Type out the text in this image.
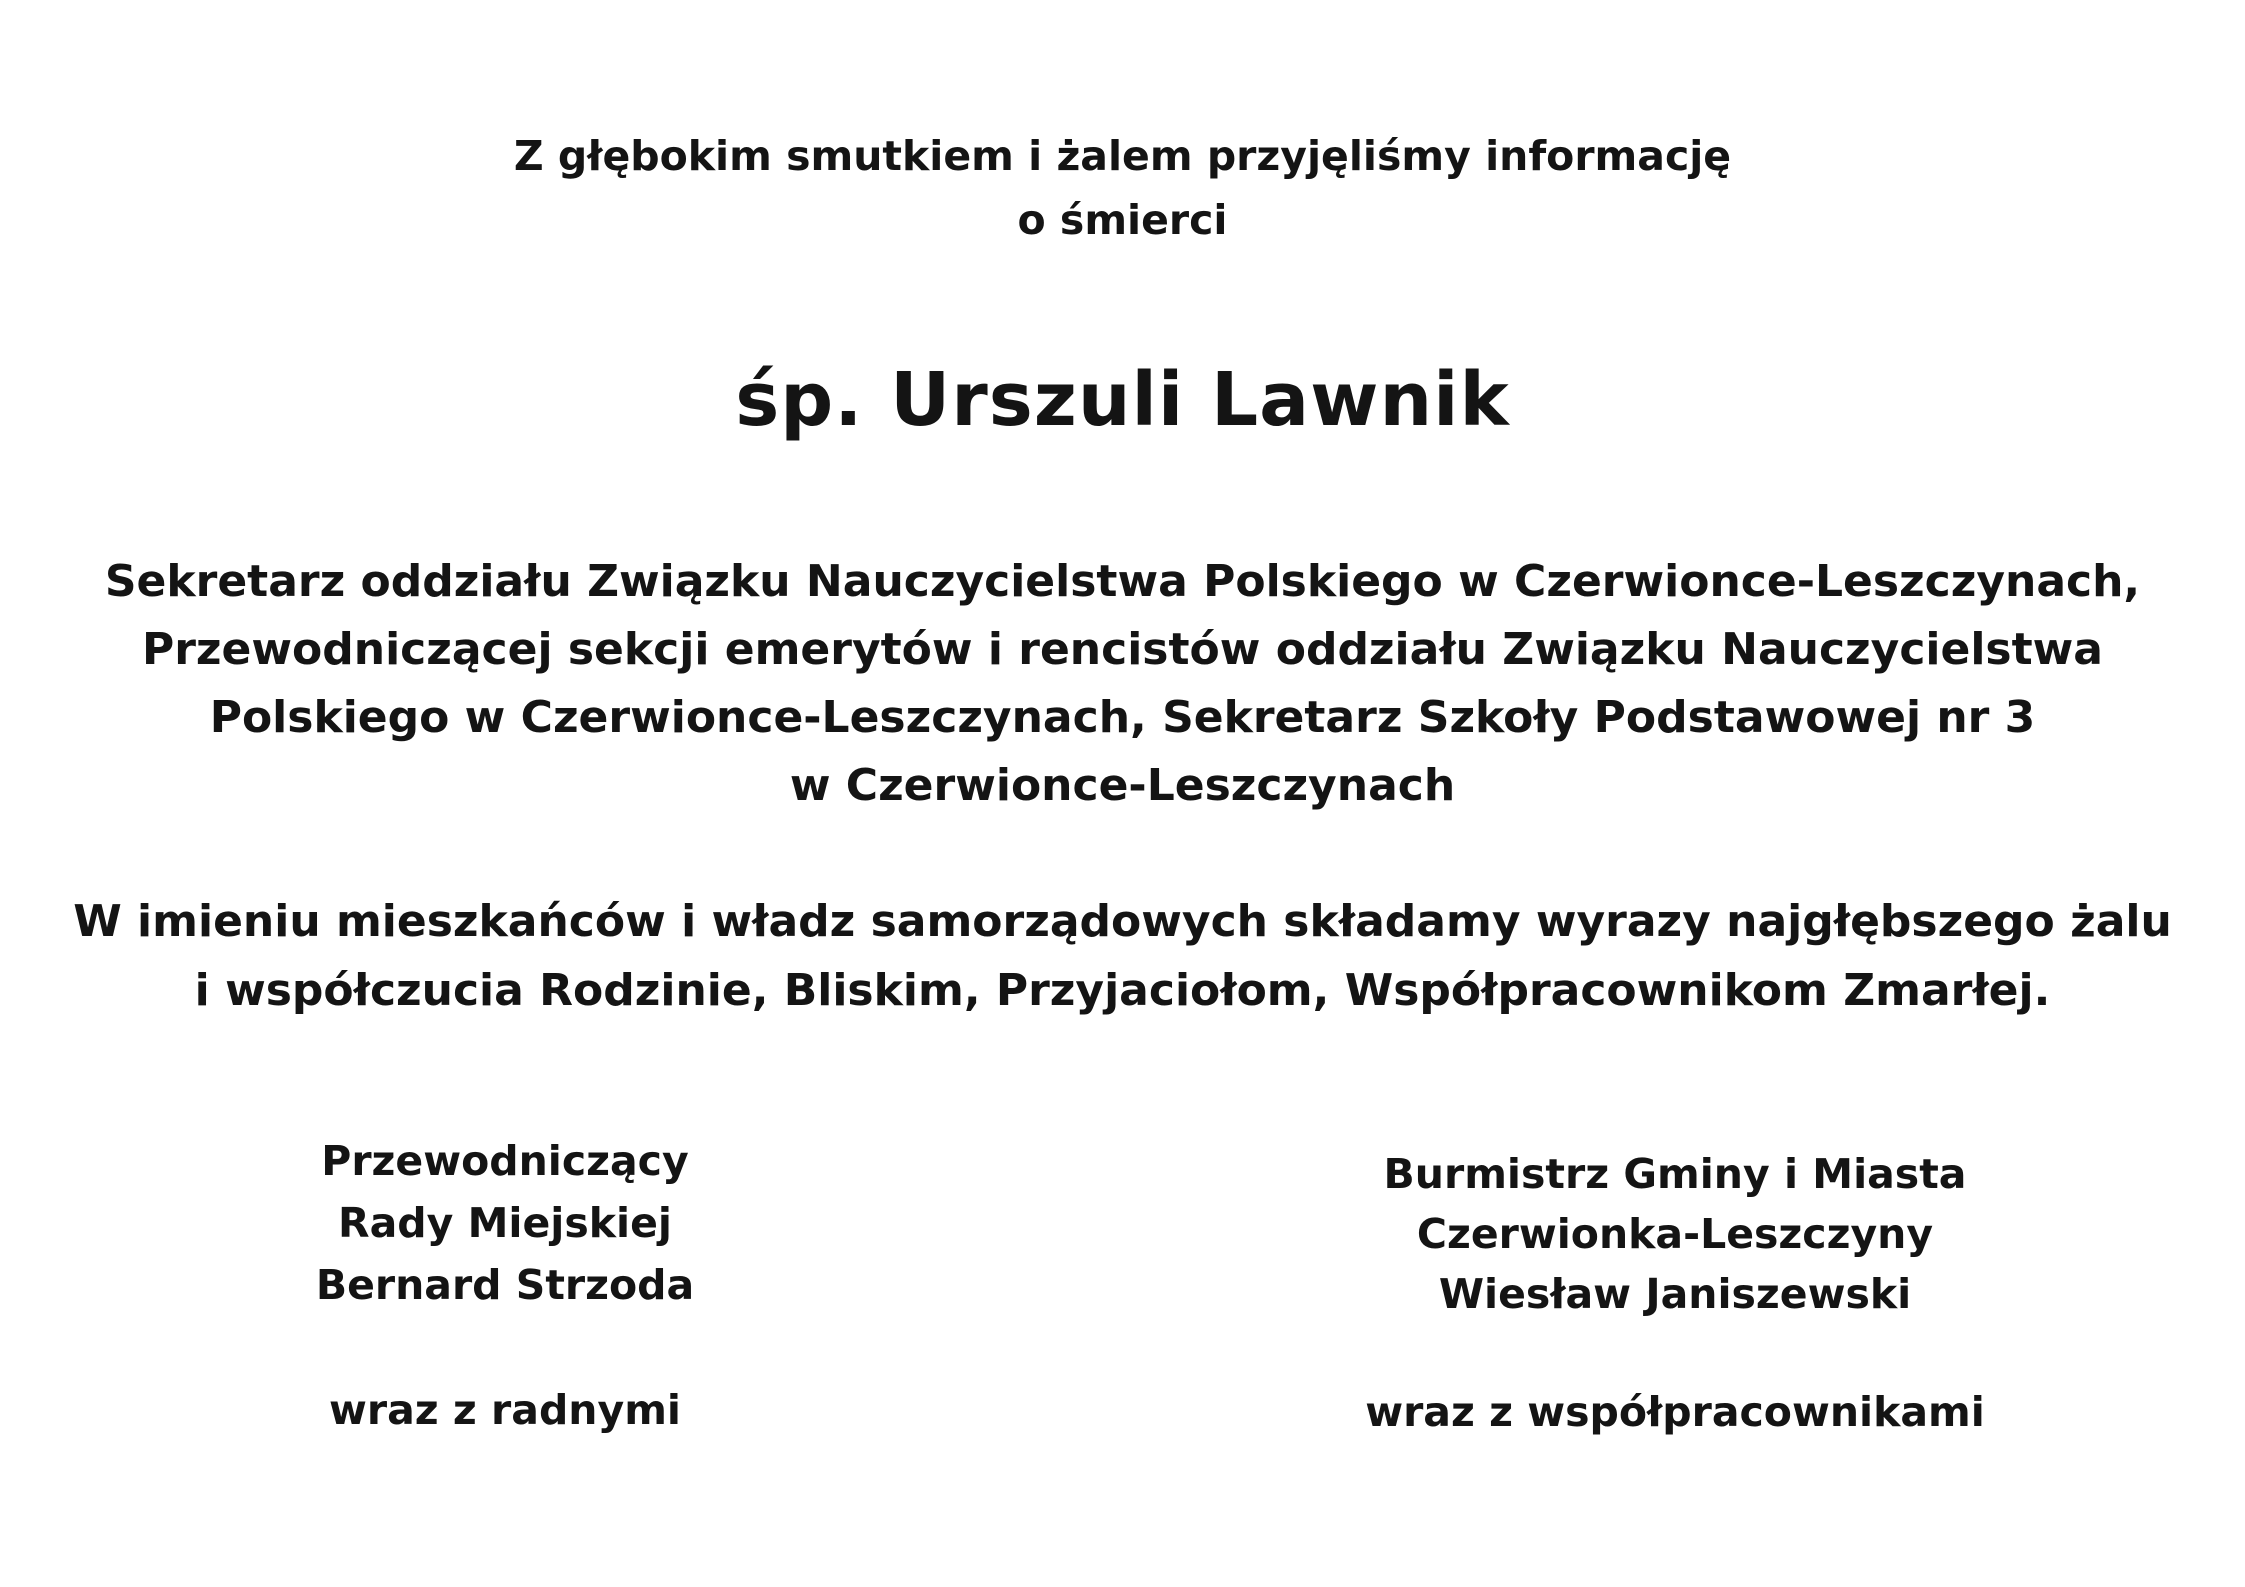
Z głębokim smutkiem i żalem przyjęliśmy informację
o śmierci
śp. Urszuli Lawnik
Sekretarz oddziału Związku Nauczycielstwa Polskiego w Czerwionce-Leszczynach,
Przewodniczącej sekcji emerytów i rencistów oddziału Związku Nauczycielstwa
Polskiego w Czerwionce-Leszczynach, Sekretarz Szkoły Podstawowej nr 3
w Czerwionce-Leszczynach
W imieniu mieszkańców i władz samorządowych składamy wyrazy najgłębszego żalu
i współczucia Rodzinie, Bliskim, Przyjaciołom, Współpracownikom Zmarłej.
Przewodniczący
Rady Miejskiej
Bernard Strzoda
wraz z radnymi
Burmistrz Gminy i Miasta
Czerwionka-Leszczyny
Wiesław Janiszewski
wraz z współpracownikami
